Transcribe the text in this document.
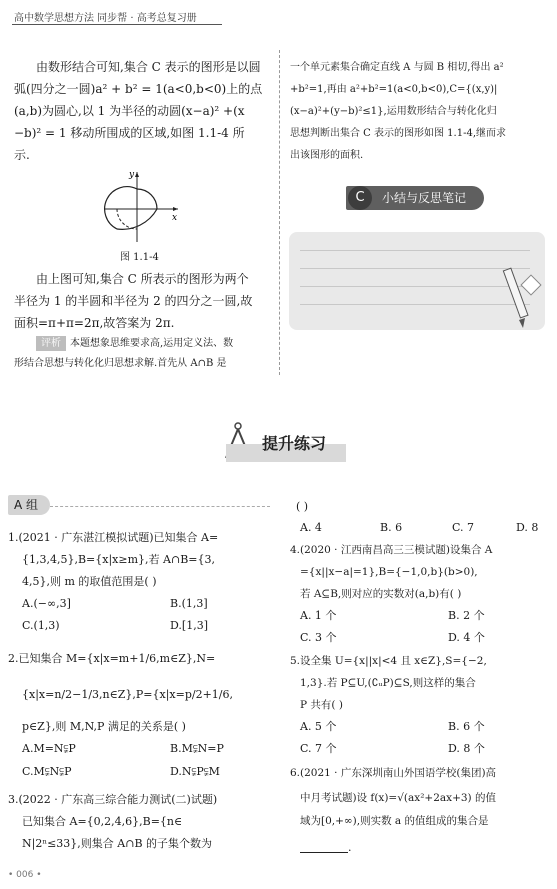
高中数学思想方法 同步帮 · 高考总复习册
由数形结合可知,集合 C 表示的图形是以圆
弧(四分之一圆)a² + b² = 1(a<0,b<0)上的点
(a,b)为圆心,以 1 为半径的动圆(x−a)² +(x
−b)² = 1 移动所围成的区域,如图 1.1-4 所
示.
y
x
图 1.1-4
由上图可知,集合 C 所表示的图形为两个
半径为 1 的半圆和半径为 2 的四分之一圆,故
面积=π+π=2π,故答案为 2π.
评析 本题想象思维要求高,运用定义法、数
形结合思想与转化化归思想求解.首先从 A∩B 是
一个单元素集合确定直线 A 与圆 B 相切,得出 a²
+b²=1,再由 a²+b²=1(a<0,b<0),C={(x,y)|
(x−a)²+(y−b)²≤1},运用数形结合与转化化归
思想判断出集合 C 表示的图形如图 1.1-4,继而求
出该图形的面积.
小结与反思笔记
C
提升练习
A 组
1.(2021 · 广东湛江模拟试题)已知集合 A=
{1,3,4,5},B={x|x≥m},若 A∩B={3,
4,5},则 m 的取值范围是( )
A.(−∞,3]	B.(1,3]
C.(1,3)	D.[1,3]
2.已知集合 M={x|x=m+1/6,m∈Z},N=
{x|x=n/2−1/3,n∈Z},P={x|x=p/2+1/6,
p∈Z},则 M,N,P 满足的关系是( )
A.M=N⫋P	B.M⫋N=P
C.M⫋N⫋P	D.N⫋P⫋M
3.(2022 · 广东高三综合能力测试(二)试题)
已知集合 A={0,2,4,6},B={n∈
N|2ⁿ≤33},则集合 A∩B 的子集个数为
( )
A. 4	B. 6	C. 7	D. 8
4.(2020 · 江西南昌高三三模试题)设集合 A
={x||x−a|=1},B={−1,0,b}(b>0),
若 A⊆B,则对应的实数对(a,b)有( )
A. 1 个	B. 2 个
C. 3 个	D. 4 个
5.设全集 U={x||x|<4 且 x∈Z},S={−2,
1,3}.若 P⊆U,(∁ᵤP)⊆S,则这样的集合
P 共有( )
A. 5 个	B. 6 个
C. 7 个	D. 8 个
6.(2021 · 广东深圳南山外国语学校(集团)高
中月考试题)设 f(x)=√(ax²+2ax+3) 的值
域为[0,+∞),则实数 a 的值组成的集合是
.
• 006 •
